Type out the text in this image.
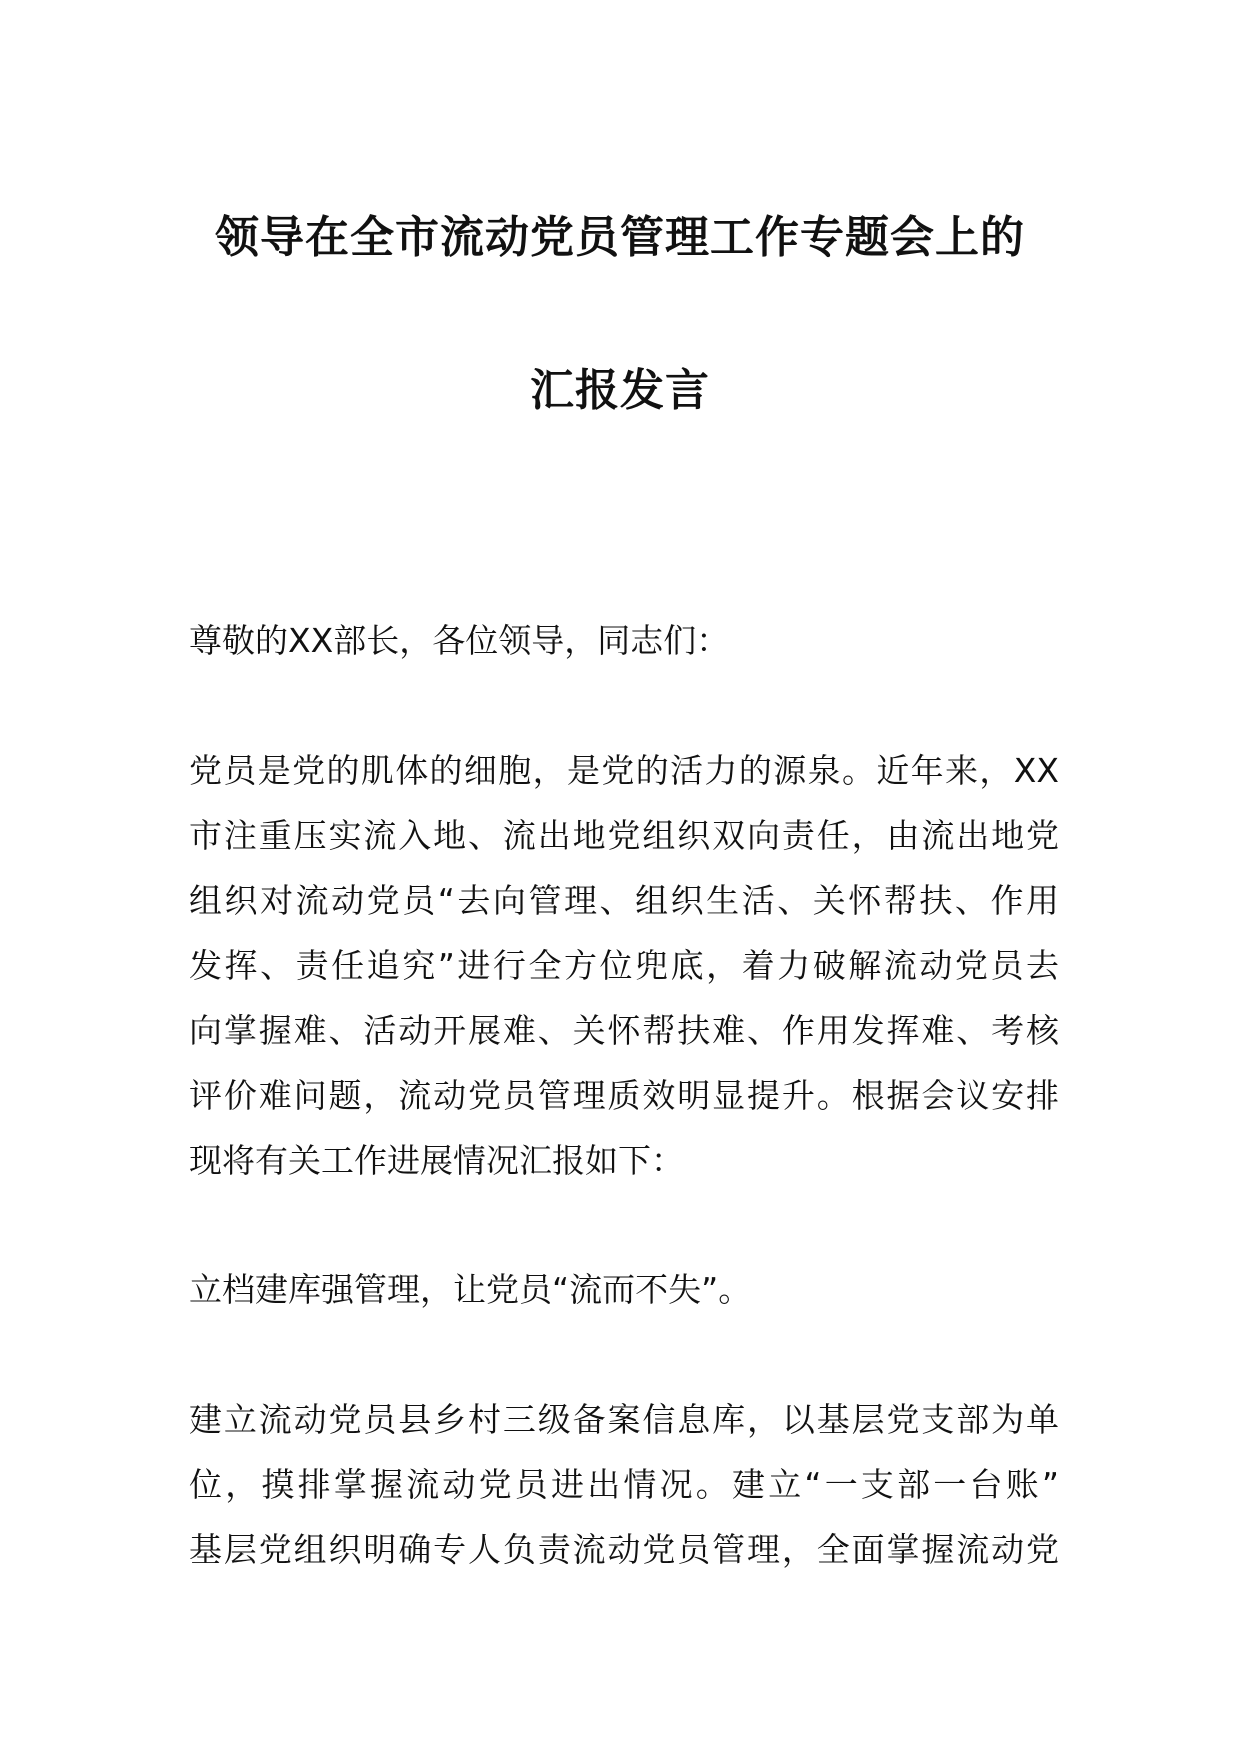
领导在全市流动党员管理工作专题会上的
汇报发言
尊敬的XX部长，各位领导，同志们：
党员是党的肌体的细胞，是党的活力的源泉。近年来，XX
市注重压实流入地、流出地党组织双向责任，由流出地党
组织对流动党员“去向管理、组织生活、关怀帮扶、作用
发挥、责任追究”进行全方位兜底，着力破解流动党员去
向掌握难、活动开展难、关怀帮扶难、作用发挥难、考核
评价难问题，流动党员管理质效明显提升。根据会议安排
现将有关工作进展情况汇报如下：
立档建库强管理，让党员“流而不失”。
建立流动党员县乡村三级备案信息库，以基层党支部为单
位，摸排掌握流动党员进出情况。建立“一支部一台账”
基层党组织明确专人负责流动党员管理，全面掌握流动党
